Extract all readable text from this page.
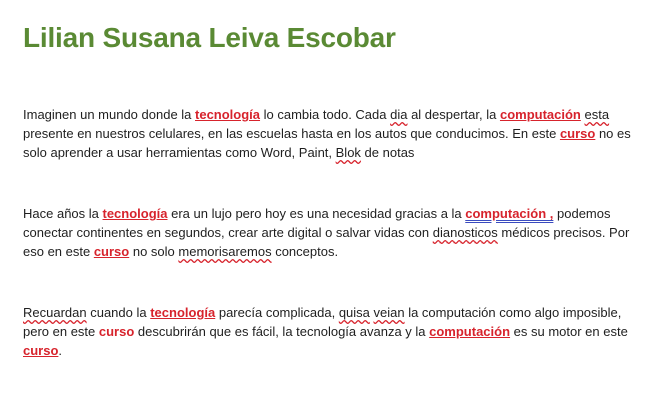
Lilian Susana Leiva Escobar

Imaginen un mundo donde la tecnología lo cambia todo. Cada dia al despertar, la computación esta presente en nuestros celulares, en las escuelas hasta en los autos que conducimos. En este curso no es solo aprender a usar herramientas como Word, Paint, Blok de notas

Hace años la tecnología era un lujo pero hoy es una necesidad gracias a la computación , podemos conectar continentes en segundos, crear arte digital o salvar vidas con dianosticos médicos precisos. Por eso en este curso no solo memorisaremos conceptos.

Recuardan cuando la tecnología parecía complicada, quisa veian la computación como algo imposible, pero en este curso descubrirán que es fácil, la tecnología avanza y la computación es su motor en este curso.
